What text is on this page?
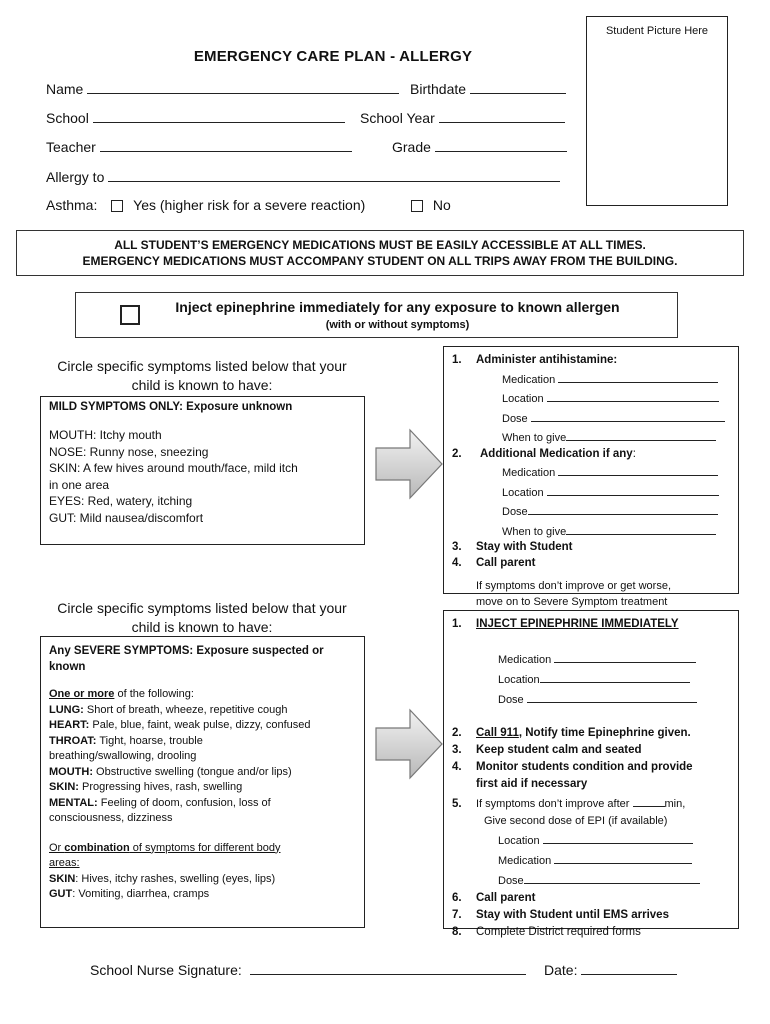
Student Picture Here
EMERGENCY CARE PLAN - ALLERGY
Name	Birthdate
School	School Year
Teacher	Grade
Allergy to
Asthma:	Yes (higher risk for a severe reaction)	No
ALL STUDENT’S EMERGENCY MEDICATIONS MUST BE EASILY ACCESSIBLE AT ALL TIMES.
EMERGENCY MEDICATIONS MUST ACCOMPANY STUDENT ON ALL TRIPS AWAY FROM THE BUILDING.
Inject epinephrine immediately for any exposure to known allergen
(with or without symptoms)
Circle specific symptoms listed below that your
child is known to have:
MILD SYMPTOMS ONLY: Exposure unknown
MOUTH: Itchy mouth
NOSE: Runny nose, sneezing
SKIN: A few hives around mouth/face, mild itch
in one area
EYES: Red, watery, itching
GUT: Mild nausea/discomfort
1. Administer antihistamine:
Medication
Location
Dose
When to give
2. Additional Medication if any:
Medication
Location
Dose
When to give
3. Stay with Student
4. Call parent
If symptoms don’t improve or get worse,
move on to Severe Symptom treatment
Circle specific symptoms listed below that your
child is known to have:
Any SEVERE SYMPTOMS: Exposure suspected or
known
One or more of the following:
LUNG: Short of breath, wheeze, repetitive cough
HEART: Pale, blue, faint, weak pulse, dizzy, confused
THROAT: Tight, hoarse, trouble
breathing/swallowing, drooling
MOUTH: Obstructive swelling (tongue and/or lips)
SKIN: Progressing hives, rash, swelling
MENTAL: Feeling of doom, confusion, loss of
consciousness, dizziness
Or combination of symptoms for different body
areas:
SKIN: Hives, itchy rashes, swelling (eyes, lips)
GUT: Vomiting, diarrhea, cramps
1. INJECT EPINEPHRINE IMMEDIATELY
Medication
Location
Dose
2. Call 911, Notify time Epinephrine given.
3. Keep student calm and seated
4. Monitor students condition and provide
first aid if necessary
5. If symptoms don’t improve after	min,
Give second dose of EPI (if available)
Location
Medication
Dose
6. Call parent
7. Stay with Student until EMS arrives
8. Complete District required forms
School Nurse Signature:	Date:
